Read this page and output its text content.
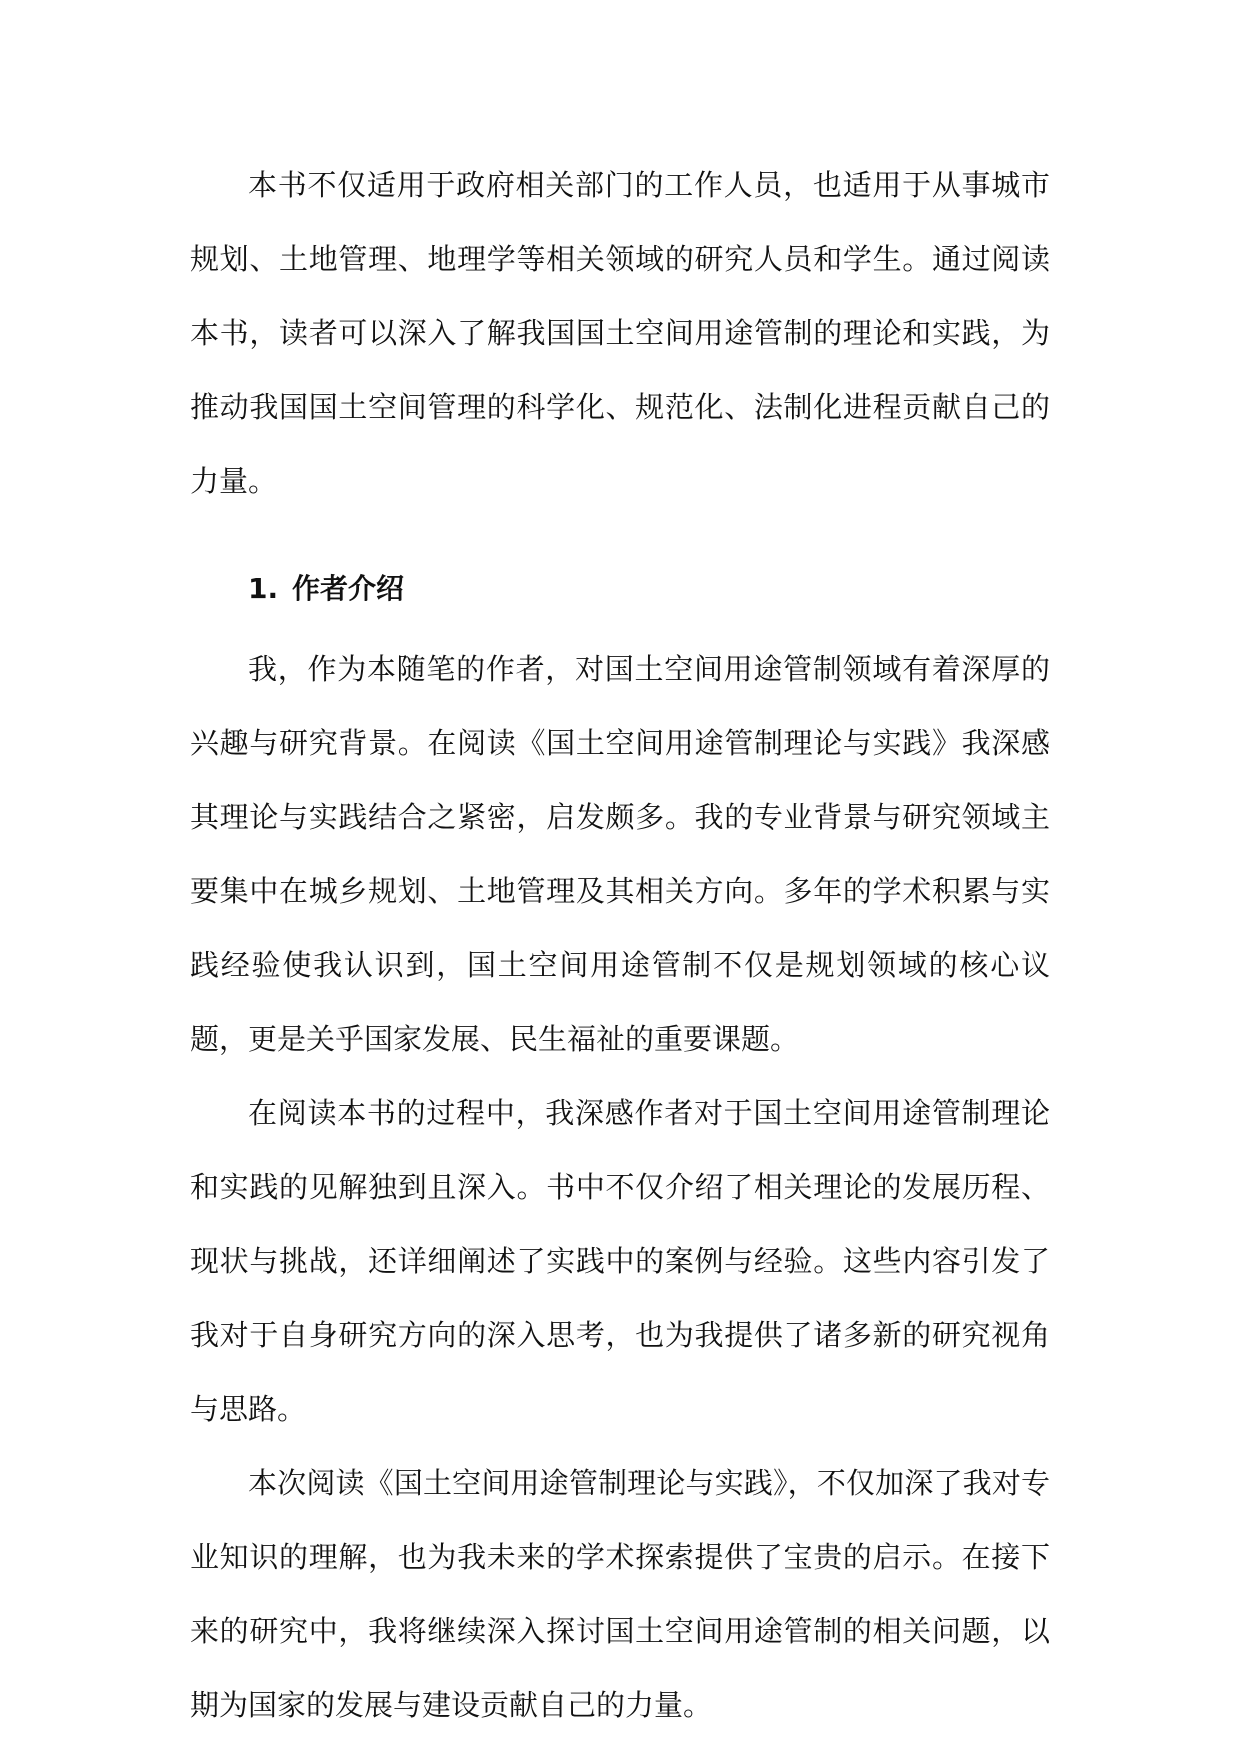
本书不仅适用于政府相关部门的工作人员，也适用于从事城市规划、土地管理、地理学等相关领域的研究人员和学生。通过阅读本书，读者可以深入了解我国国土空间用途管制的理论和实践，为推动我国国土空间管理的科学化、规范化、法制化进程贡献自己的力量。

1. 作者介绍

我，作为本随笔的作者，对国土空间用途管制领域有着深厚的兴趣与研究背景。在阅读《国土空间用途管制理论与实践》我深感其理论与实践结合之紧密，启发颇多。我的专业背景与研究领域主要集中在城乡规划、土地管理及其相关方向。多年的学术积累与实践经验使我认识到，国土空间用途管制不仅是规划领域的核心议题，更是关乎国家发展、民生福祉的重要课题。

在阅读本书的过程中，我深感作者对于国土空间用途管制理论和实践的见解独到且深入。书中不仅介绍了相关理论的发展历程、现状与挑战，还详细阐述了实践中的案例与经验。这些内容引发了我对于自身研究方向的深入思考，也为我提供了诸多新的研究视角与思路。

本次阅读《国土空间用途管制理论与实践》，不仅加深了我对专业知识的理解，也为我未来的学术探索提供了宝贵的启示。在接下来的研究中，我将继续深入探讨国土空间用途管制的相关问题，以期为国家的发展与建设贡献自己的力量。
